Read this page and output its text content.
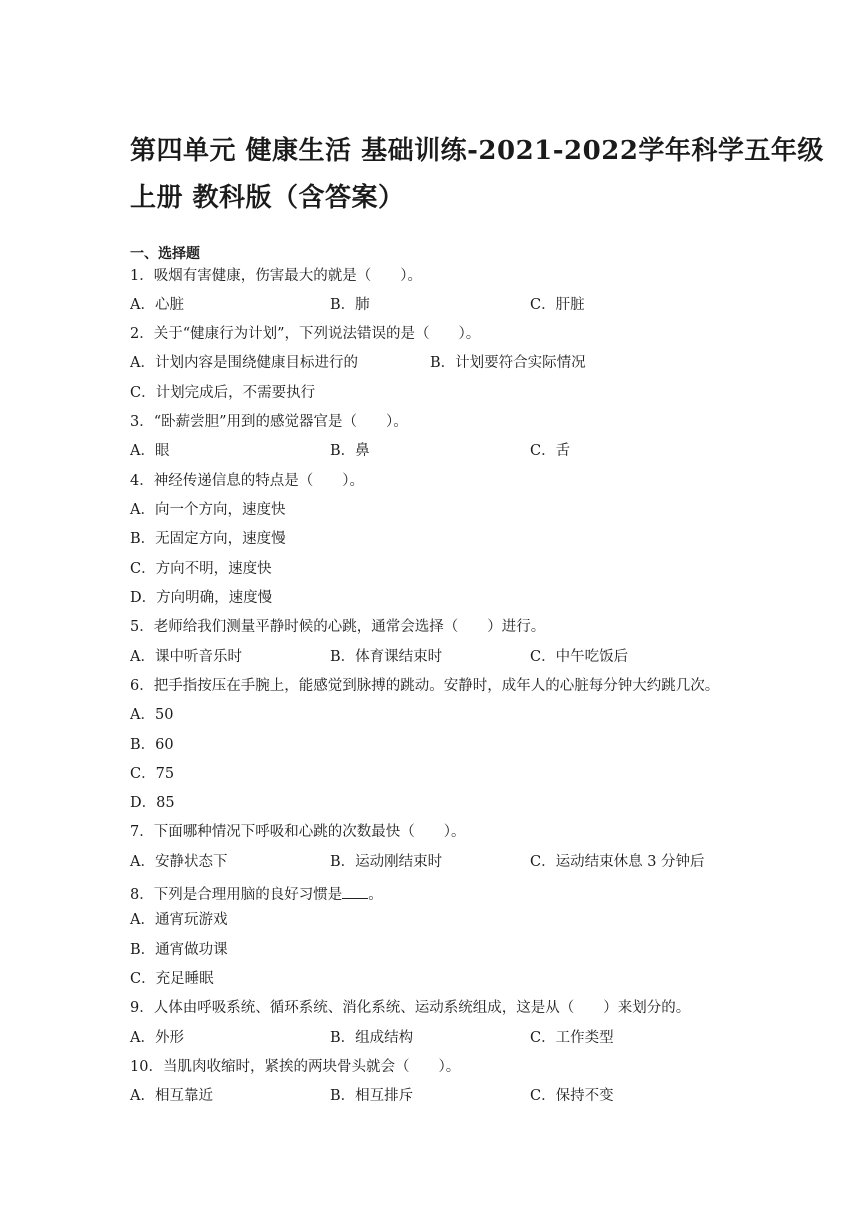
第四单元 健康生活 基础训练-2021-2022学年科学五年级
上册 教科版（含答案）
一、选择题
1．吸烟有害健康，伤害最大的就是（　　）。
A．心脏	B．肺	C．肝脏
2．关于“健康行为计划”，下列说法错误的是（　　）。
A．计划内容是围绕健康目标进行的	B．计划要符合实际情况
C．计划完成后，不需要执行
3．“卧薪尝胆”用到的感觉器官是（　　）。
A．眼	B．鼻	C．舌
4．神经传递信息的特点是（　　）。
A．向一个方向，速度快
B．无固定方向，速度慢
C．方向不明，速度快
D．方向明确，速度慢
5．老师给我们测量平静时候的心跳，通常会选择（　　）进行。
A．课中听音乐时	B．体育课结束时	C．中午吃饭后
6．把手指按压在手腕上，能感觉到脉搏的跳动。安静时，成年人的心脏每分钟大约跳几次。
A．50
B．60
C．75
D．85
7．下面哪种情况下呼吸和心跳的次数最快（　　）。
A．安静状态下	B．运动刚结束时	C．运动结束休息 3 分钟后
8．下列是合理用脑的良好习惯是 。
A．通宵玩游戏
B．通宵做功课
C．充足睡眠
9．人体由呼吸系统、循环系统、消化系统、运动系统组成，这是从（　　）来划分的。
A．外形	B．组成结构	C．工作类型
10．当肌肉收缩时，紧挨的两块骨头就会（　　）。
A．相互靠近	B．相互排斥	C．保持不变
